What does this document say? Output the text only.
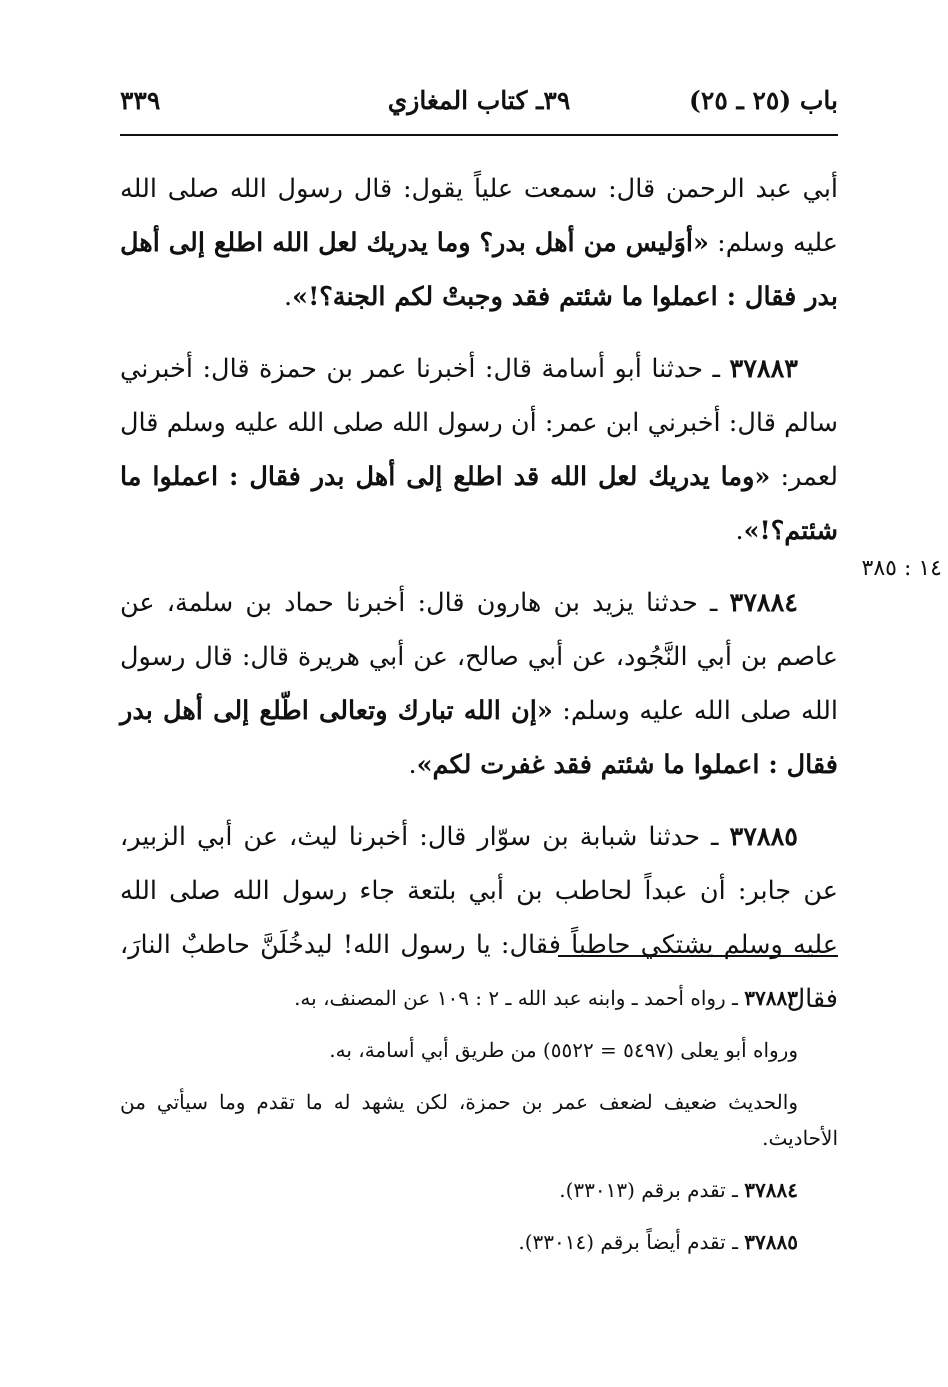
باب (٢٥ ـ ٢٥)
٣٩ـ كتاب المغازي
٣٣٩
١٤ : ٣٨٥

أبي عبد الرحمن قال: سمعت علياً يقول: قال رسول الله صلى الله عليه وسلم: «أوَليس من أهل بدر؟ وما يدريك لعل الله اطلع إلى أهل بدر فقال : اعملوا ما شئتم فقد وجبتْ لكم الجنة؟!».

٣٧٨٨٣ ـ حدثنا أبو أسامة قال: أخبرنا عمر بن حمزة قال: أخبرني سالم قال: أخبرني ابن عمر: أن رسول الله صلى الله عليه وسلم قال لعمر: «وما يدريك لعل الله قد اطلع إلى أهل بدر فقال : اعملوا ما شئتم؟!».

٣٧٨٨٤ ـ حدثنا يزيد بن هارون قال: أخبرنا حماد بن سلمة، عن عاصم بن أبي النَّجُود، عن أبي صالح، عن أبي هريرة قال: قال رسول الله صلى الله عليه وسلم: «إن الله تبارك وتعالى اطّلع إلى أهل بدر فقال : اعملوا ما شئتم فقد غفرت لكم».

٣٧٨٨٥ ـ حدثنا شبابة بن سوّار قال: أخبرنا ليث، عن أبي الزبير، عن جابر: أن عبداً لحاطب بن أبي بلتعة جاء رسول الله صلى الله عليه وسلم يشتكي حاطباً فقال: يا رسول الله! ليدخُلَنَّ حاطبٌ النارَ، فقال

٣٧٨٨٣ ـ رواه أحمد ـ وابنه عبد الله ـ ٢ : ١٠٩ عن المصنف، به.

ورواه أبو يعلى (٥٤٩٧ = ٥٥٢٢) من طريق أبي أسامة، به.

والحديث ضعيف لضعف عمر بن حمزة، لكن يشهد له ما تقدم وما سيأتي من الأحاديث.

٣٧٨٨٤ ـ تقدم برقم (٣٣٠١٣).

٣٧٨٨٥ ـ تقدم أيضاً برقم (٣٣٠١٤).
